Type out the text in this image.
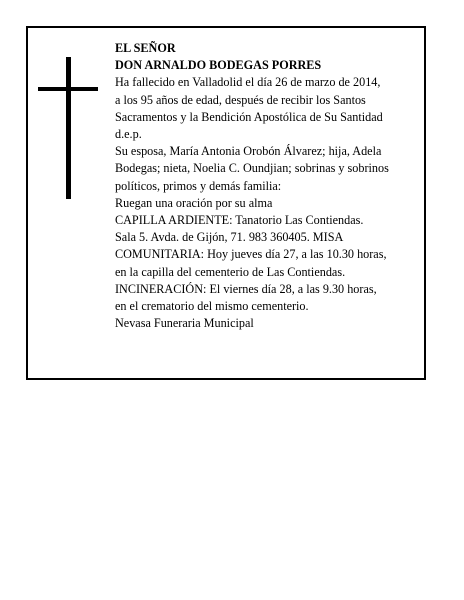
EL SEÑOR
DON ARNALDO BODEGAS PORRES
Ha fallecido en Valladolid el día 26 de marzo de 2014,
a los 95 años de edad, después de recibir los Santos
Sacramentos y la Bendición Apostólica de Su Santidad
d.e.p.
Su esposa, María Antonia Orobón Álvarez; hija, Adela
Bodegas; nieta, Noelia C. Oundjian; sobrinas y sobrinos
políticos, primos y demás familia:
Ruegan una oración por su alma
CAPILLA ARDIENTE: Tanatorio Las Contiendas.
Sala 5. Avda. de Gijón, 71. 983 360405. MISA
COMUNITARIA: Hoy jueves día 27, a las 10.30 horas,
en la capilla del cementerio de Las Contiendas.
INCINERACIÓN: El viernes día 28, a las 9.30 horas,
en el crematorio del mismo cementerio.
Nevasa Funeraria Municipal
